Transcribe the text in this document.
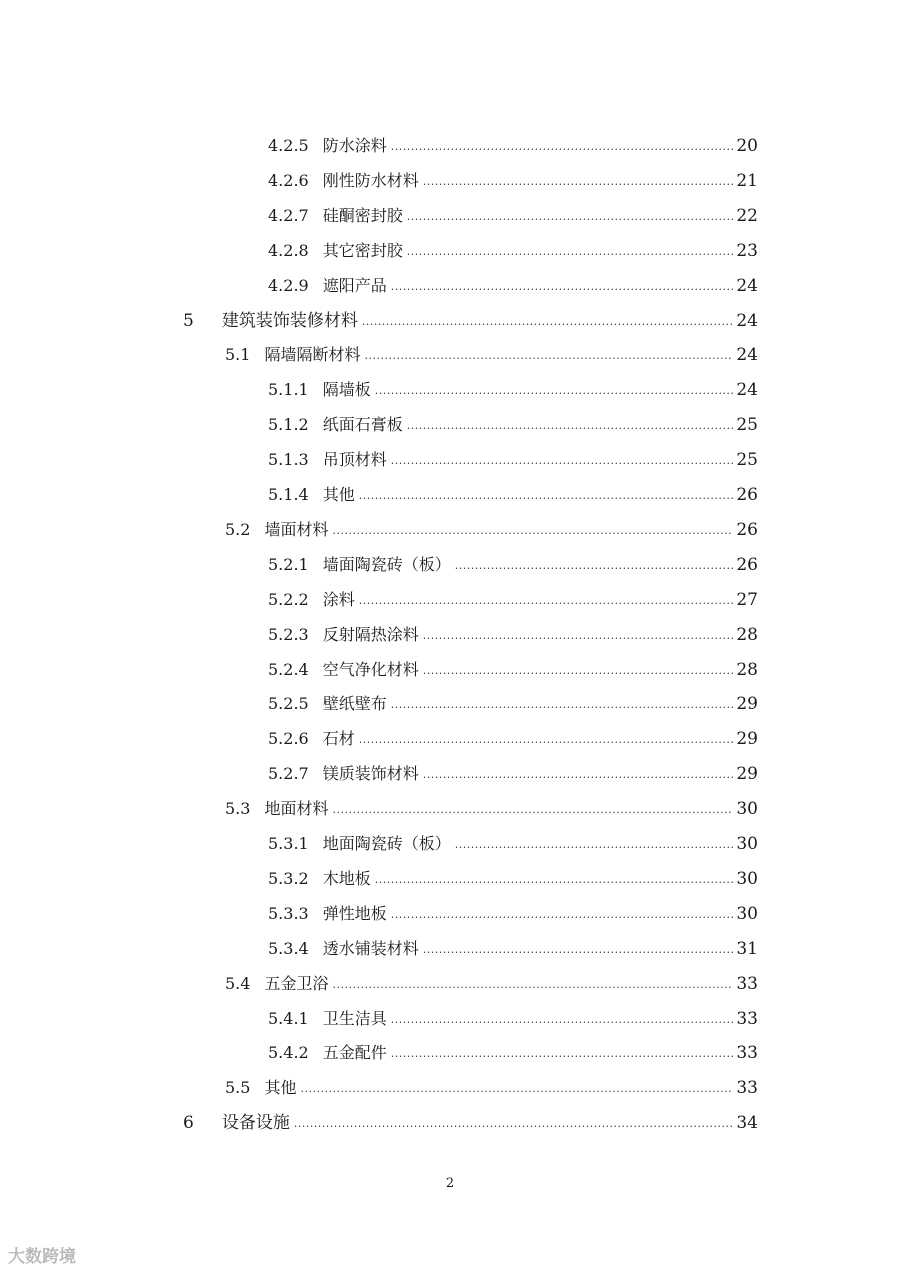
4.2.5 防水涂料 .....	20
4.2.6 刚性防水材料 .....	21
4.2.7 硅酮密封胶 .....	22
4.2.8 其它密封胶 .....	23
4.2.9 遮阳产品 .....	24
5 建筑装饰装修材料 .....	24
5.1 隔墙隔断材料 .....	24
5.1.1 隔墙板 .....	24
5.1.2 纸面石膏板 .....	25
5.1.3 吊顶材料 .....	25
5.1.4 其他 .....	26
5.2 墙面材料 .....	26
5.2.1 墙面陶瓷砖（板） .....	26
5.2.2 涂料 .....	27
5.2.3 反射隔热涂料 .....	28
5.2.4 空气净化材料 .....	28
5.2.5 壁纸壁布 .....	29
5.2.6 石材 .....	29
5.2.7 镁质装饰材料 .....	29
5.3 地面材料 .....	30
5.3.1 地面陶瓷砖（板） .....	30
5.3.2 木地板 .....	30
5.3.3 弹性地板 .....	30
5.3.4 透水铺装材料 .....	31
5.4 五金卫浴 .....	33
5.4.1 卫生洁具 .....	33
5.4.2 五金配件 .....	33
5.5 其他 .....	33
6 设备设施 .....	34
2
大数跨境
